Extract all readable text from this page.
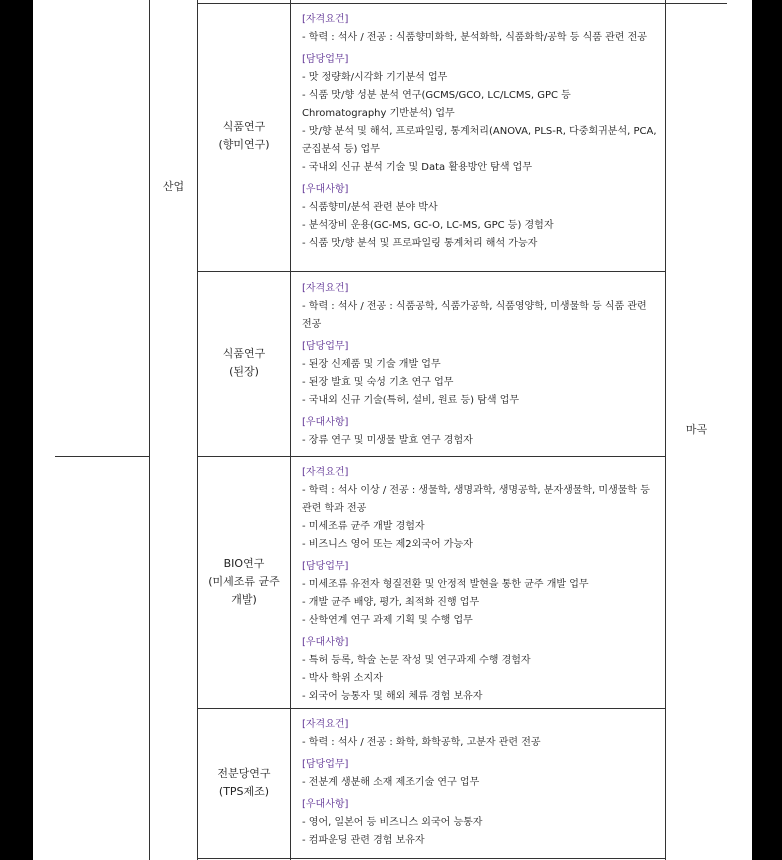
산업
마곡
식품연구
(향미연구)
식품연구
(된장)
BIO연구
(미세조류 균주
개발)
전분당연구
(TPS제조)
[자격요건]
- 학력 : 석사 / 전공 : 식품향미화학, 분석화학, 식품화학/공학 등 식품 관련 전공
[담당업무]
- 맛 정량화/시각화 기기분석 업무
- 식품 맛/향 성분 분석 연구(GCMS/GCO, LC/LCMS, GPC 등 Chromatography 기반분석) 업무
- 맛/향 분석 및 해석, 프로파일링, 통계처리(ANOVA, PLS-R, 다중회귀분석, PCA, 군집분석 등) 업무
- 국내외 신규 분석 기술 및 Data 활용방안 탐색 업무
[우대사항]
- 식품향미/분석 관련 분야 박사
- 분석장비 운용(GC-MS, GC-O, LC-MS, GPC 등) 경험자
- 식품 맛/향 분석 및 프로파일링 통계처리 해석 가능자
[자격요건]
- 학력 : 석사 / 전공 : 식품공학, 식품가공학, 식품영양학, 미생물학 등 식품 관련 전공
[담당업무]
- 된장 신제품 및 기술 개발 업무
- 된장 발효 및 숙성 기초 연구 업무
- 국내외 신규 기술(특허, 설비, 원료 등) 탐색 업무
[우대사항]
- 장류 연구 및 미생물 발효 연구 경험자
[자격요건]
- 학력 : 석사 이상 / 전공 : 생물학, 생명과학, 생명공학, 분자생물학, 미생물학 등 관련 학과 전공
- 미세조류 균주 개발 경험자
- 비즈니스 영어 또는 제2외국어 가능자
[담당업무]
- 미세조류 유전자 형질전환 및 안정적 발현을 통한 균주 개발 업무
- 개발 균주 배양, 평가, 최적화 진행 업무
- 산학연계 연구 과제 기획 및 수행 업무
[우대사항]
- 특허 등록, 학술 논문 작성 및 연구과제 수행 경험자
- 박사 학위 소지자
- 외국어 능통자 및 해외 체류 경험 보유자
[자격요건]
- 학력 : 석사 / 전공 : 화학, 화학공학, 고분자 관련 전공
[담당업무]
- 전분계 생분해 소재 제조기술 연구 업무
[우대사항]
- 영어, 일본어 등 비즈니스 외국어 능통자
- 컴파운딩 관련 경험 보유자
